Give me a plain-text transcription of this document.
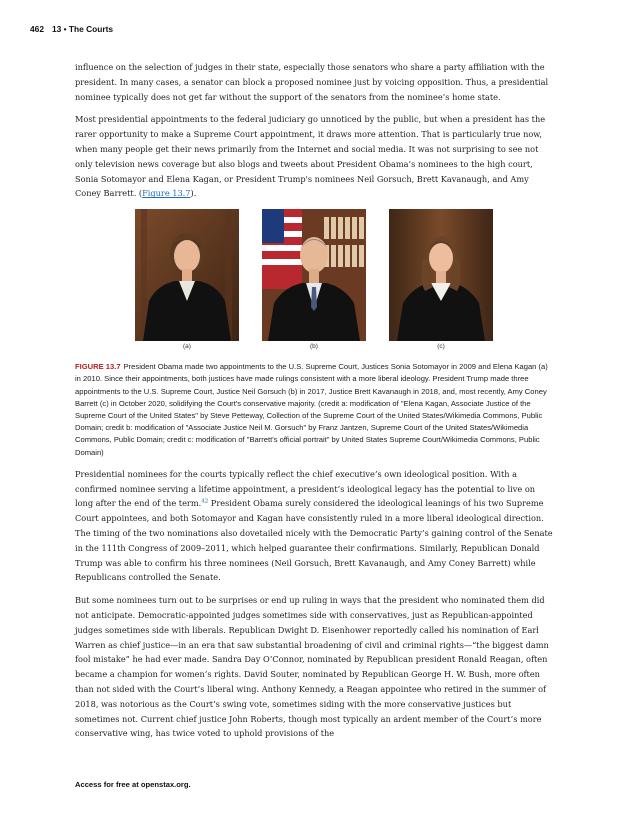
462 13 • The Courts

influence on the selection of judges in their state, especially those senators who share a party affiliation with the president. In many cases, a senator can block a proposed nominee just by voicing opposition. Thus, a presidential nominee typically does not get far without the support of the senators from the nominee’s home state.

Most presidential appointments to the federal judiciary go unnoticed by the public, but when a president has the rarer opportunity to make a Supreme Court appointment, it draws more attention. That is particularly true now, when many people get their news primarily from the Internet and social media. It was not surprising to see not only television news coverage but also blogs and tweets about President Obama’s nominees to the high court, Sonia Sotomayor and Elena Kagan, or President Trump's nominees Neil Gorsuch, Brett Kavanaugh, and Amy Coney Barrett. (Figure 13.7).

(a)	(b)	(c)

FIGURE 13.7 President Obama made two appointments to the U.S. Supreme Court, Justices Sonia Sotomayor in 2009 and Elena Kagan (a) in 2010. Since their appointments, both justices have made rulings consistent with a more liberal ideology. President Trump made three appointments to the U.S. Supreme Court, Justice Neil Gorsuch (b) in 2017, Justice Brett Kavanaugh in 2018, and, most recently, Amy Coney Barrett (c) in October 2020, solidifying the Court's conservative majority. (credit a: modification of "Elena Kagan, Associate Justice of the Supreme Court of the United States" by Steve Petteway, Collection of the Supreme Court of the United States/Wikimedia Commons, Public Domain; credit b: modification of "Associate Justice Neil M. Gorsuch" by Franz Jantzen, Supreme Court of the United States/Wikimedia Commons, Public Domain; credit c: modification of "Barrett's official portrait" by United States Supreme Court/Wikimedia Commons, Public Domain)

Presidential nominees for the courts typically reflect the chief executive’s own ideological position. With a confirmed nominee serving a lifetime appointment, a president’s ideological legacy has the potential to live on long after the end of the term.$^{42}$ President Obama surely considered the ideological leanings of his two Supreme Court appointees, and both Sotomayor and Kagan have consistently ruled in a more liberal ideological direction. The timing of the two nominations also dovetailed nicely with the Democratic Party’s gaining control of the Senate in the 111th Congress of 2009–2011, which helped guarantee their confirmations. Similarly, Republican Donald Trump was able to confirm his three nominees (Neil Gorsuch, Brett Kavanaugh, and Amy Coney Barrett) while Republicans controlled the Senate.

But some nominees turn out to be surprises or end up ruling in ways that the president who nominated them did not anticipate. Democratic-appointed judges sometimes side with conservatives, just as Republican-appointed judges sometimes side with liberals. Republican Dwight D. Eisenhower reportedly called his nomination of Earl Warren as chief justice—in an era that saw substantial broadening of civil and criminal rights—“the biggest damn fool mistake” he had ever made. Sandra Day O’Connor, nominated by Republican president Ronald Reagan, often became a champion for women’s rights. David Souter, nominated by Republican George H. W. Bush, more often than not sided with the Court’s liberal wing. Anthony Kennedy, a Reagan appointee who retired in the summer of 2018, was notorious as the Court’s swing vote, sometimes siding with the more conservative justices but sometimes not. Current chief justice John Roberts, though most typically an ardent member of the Court’s more conservative wing, has twice voted to uphold provisions of the

Access for free at openstax.org.
